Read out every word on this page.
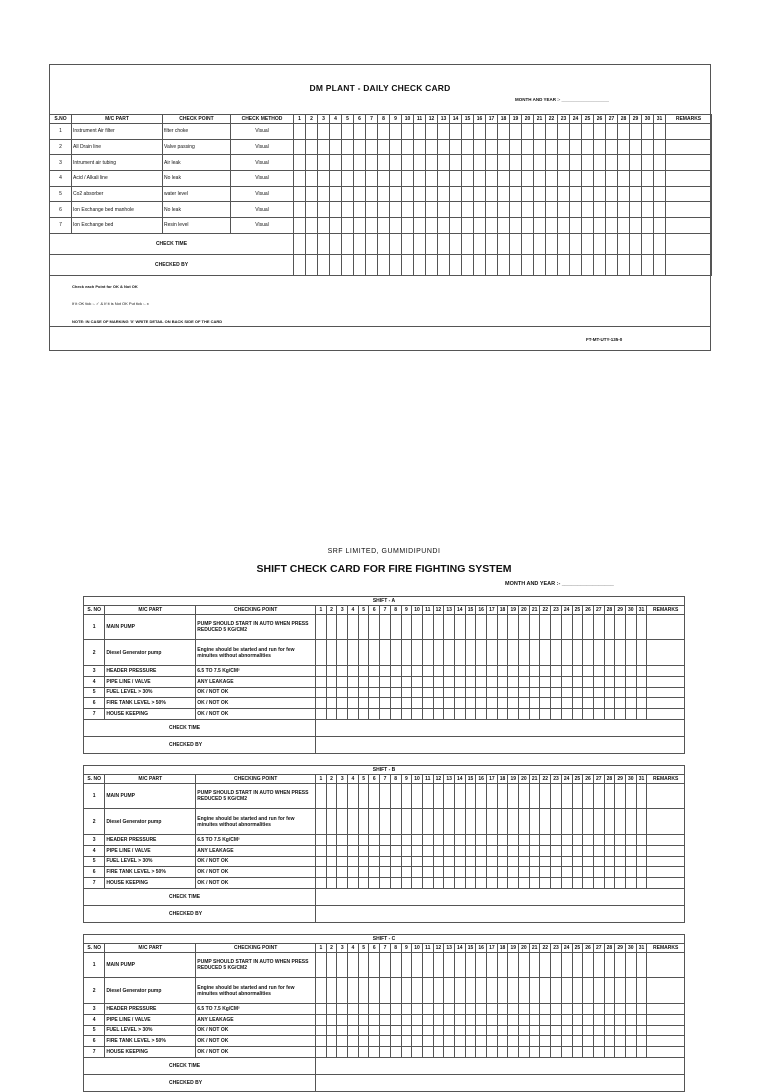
DM PLANT - DAILY CHECK CARD
MONTH AND YEAR :- ___________________
S.NO	M/C PART	CHECK POINT	CHECK METHOD	1	2	3	4	5	6	7	8	9	10	11	12	13	14	15	16	17	18	19	20	21	22	23	24	25	26	27	28	29	30	31	REMARKS
1	Instrument Air filter	filter choke	Visual																																
2	All Drain line	Valve passing	Visual																																
3	Intrument air tubing	Air leak	Visual																																
4	Acid / Alkali line	No leak	Visual																																
5	Co2 absorber	water level	Visual																																
6	Ion Exchange bed manhole	No leak	Visual																																
7	Ion Exchange bed	Resin level	Visual																																
CHECK TIME																																			
CHECKED BY																																			
Check each Point for OK & Not OK
If it OK tick :- ✓ & If it is Not OK Put tick :- x
NOTE: IN CASE OF MARKING 'X' WRITE DETAIL ON BACK SIDE OF THE CARD
FT-MT-UTY-135-0
SRF LIMITED, GUMMIDIPUNDI
SHIFT CHECK CARD FOR FIRE FIGHTING SYSTEM
MONTH AND YEAR :- _________________
SHIFT - A
S. NO	M/C PART	CHECKING POINT	1	2	3	4	5	6	7	8	9	10	11	12	13	14	15	16	17	18	19	20	21	22	23	24	25	26	27	28	29	30	31	REMARKS
1	MAIN PUMP	PUMP SHOULD START IN AUTO WHEN PRESS REDUCED 5 KG/CM2																																
2	Diesel Generator pump	Engine should be started and run for few minuites without abnormalities																																
3	HEADER PRESSURE	6.5 TO 7.5 Kg/CM²																																
4	PIPE LINE / VALVE	ANY LEAKAGE																																
5	FUEL LEVEL > 30%	OK / NOT OK																																
6	FIRE TANK LEVEL > 50%	OK / NOT OK																																
7	HOUSE KEEPING	OK / NOT OK																																
CHECK TIME																																		
CHECKED BY																																		
SHIFT - B
S. NO	M/C PART	CHECKING POINT	1	2	3	4	5	6	7	8	9	10	11	12	13	14	15	16	17	18	19	20	21	22	23	24	25	26	27	28	29	30	31	REMARKS
1	MAIN PUMP	PUMP SHOULD START IN AUTO WHEN PRESS REDUCED 5 KG/CM2																																
2	Diesel Generator pump	Engine should be started and run for few minuites without abnormalities																																
3	HEADER PRESSURE	6.5 TO 7.5 Kg/CM²																																
4	PIPE LINE / VALVE	ANY LEAKAGE																																
5	FUEL LEVEL > 30%	OK / NOT OK																																
6	FIRE TANK LEVEL > 50%	OK / NOT OK																																
7	HOUSE KEEPING	OK / NOT OK																																
CHECK TIME																																		
CHECKED BY																																		
SHIFT - C
S. NO	M/C PART	CHECKING POINT	1	2	3	4	5	6	7	8	9	10	11	12	13	14	15	16	17	18	19	20	21	22	23	24	25	26	27	28	29	30	31	REMARKS
1	MAIN PUMP	PUMP SHOULD START IN AUTO WHEN PRESS REDUCED 5 KG/CM2																																
2	Diesel Generator pump	Engine should be started and run for few minuites without abnormalities																																
3	HEADER PRESSURE	6.5 TO 7.5 Kg/CM²																																
4	PIPE LINE / VALVE	ANY LEAKAGE																																
5	FUEL LEVEL > 30%	OK / NOT OK																																
6	FIRE TANK LEVEL > 50%	OK / NOT OK																																
7	HOUSE KEEPING	OK / NOT OK																																
CHECK TIME																																		
CHECKED BY																																		
